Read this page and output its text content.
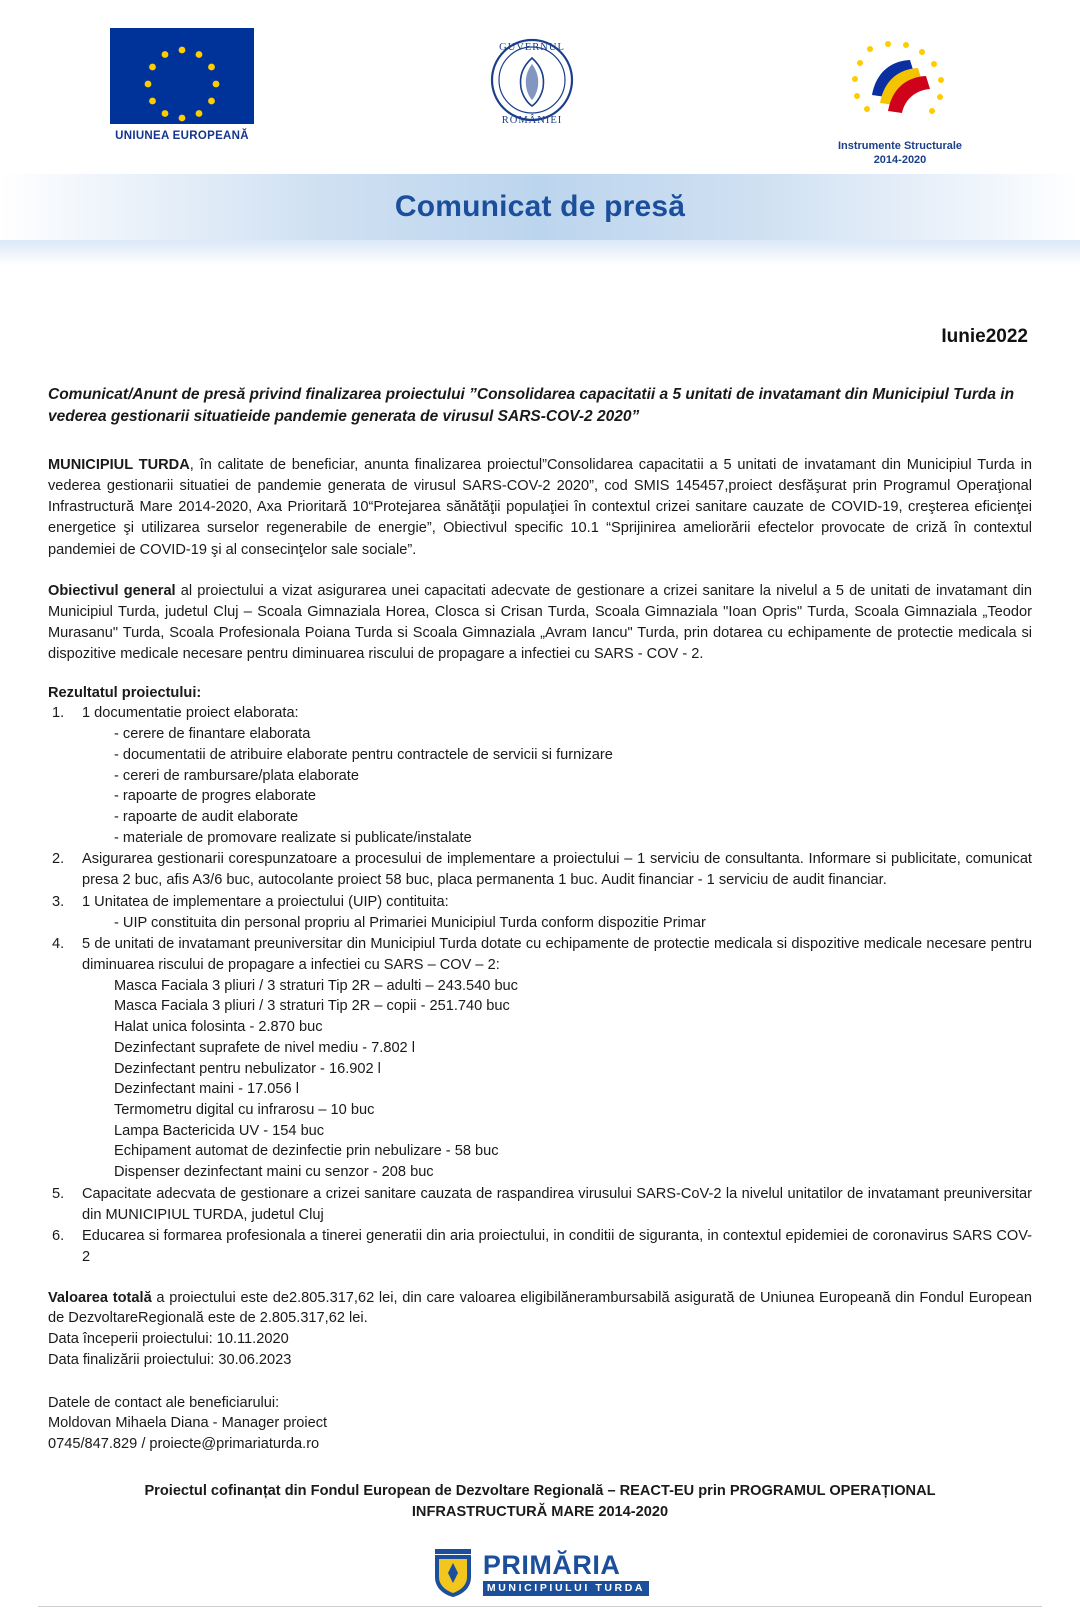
UNIUNEA EUROPEANĂ
GUVERNUL
ROMÂNIEI
Instrumente Structurale
2014-2020
Comunicat de presă
Iunie2022
Comunicat/Anunt de presă privind finalizarea proiectului ”Consolidarea capacitatii a 5 unitati de invatamant din Municipiul Turda in vederea gestionarii situatieide pandemie generata de virusul SARS-COV-2 2020”

MUNICIPIUL TURDA, în calitate de beneficiar, anunta finalizarea proiectul”Consolidarea capacitatii a 5 unitati de invatamant din Municipiul Turda in vederea gestionarii situatiei de pandemie generata de virusul SARS-COV-2 2020”, cod SMIS 145457,proiect desfăşurat prin Programul Operaţional Infrastructură Mare 2014-2020, Axa Prioritară 10“Protejarea sănătăţii populaţiei în contextul crizei sanitare cauzate de COVID-19, creşterea eficienţei energetice şi utilizarea surselor regenerabile de energie”, Obiectivul specific 10.1 “Sprijinirea ameliorării efectelor provocate de criză în contextul pandemiei de COVID-19 şi al consecinţelor sale sociale”.

Obiectivul general al proiectului a vizat asigurarea unei capacitati adecvate de gestionare a crizei sanitare la nivelul a 5 de unitati de invatamant din Municipiul Turda, judetul Cluj – Scoala Gimnaziala Horea, Closca si Crisan Turda, Scoala Gimnaziala "Ioan Opris" Turda, Scoala Gimnaziala „Teodor Murasanu" Turda, Scoala Profesionala Poiana Turda si Scoala Gimnaziala „Avram Iancu" Turda, prin dotarea cu echipamente de protectie medicala si dispozitive medicale necesare pentru diminuarea riscului de propagare a infectiei cu SARS - COV - 2.

Rezultatul proiectului:
1.	1 documentatie proiect elaborata:
- cerere de finantare elaborata
- documentatii de atribuire elaborate pentru contractele de servicii si furnizare
- cereri de rambursare/plata elaborate
- rapoarte de progres elaborate
- rapoarte de audit elaborate
- materiale de promovare realizate si publicate/instalate
2.	Asigurarea gestionarii corespunzatoare a procesului de implementare a proiectului – 1 serviciu de consultanta. Informare si publicitate, comunicat presa 2 buc, afis A3/6 buc, autocolante proiect 58 buc, placa permanenta 1 buc. Audit financiar - 1 serviciu de audit financiar.
3.	1 Unitatea de implementare a proiectului (UIP) contituita:
- UIP constituita din personal propriu al Primariei Municipiul Turda conform dispozitie Primar
4.	5 de unitati de invatamant preuniversitar din Municipiul Turda dotate cu echipamente de protectie medicala si dispozitive medicale necesare pentru diminuarea riscului de propagare a infectiei cu SARS – COV – 2:
Masca Faciala 3 pliuri / 3 straturi Tip 2R – adulti – 243.540 buc
Masca Faciala 3 pliuri / 3 straturi Tip 2R – copii - 251.740 buc
Halat unica folosinta - 2.870 buc
Dezinfectant suprafete de nivel mediu - 7.802 l
Dezinfectant pentru nebulizator - 16.902 l
Dezinfectant maini - 17.056 l
Termometru digital cu infrarosu – 10 buc
Lampa Bactericida UV - 154 buc
Echipament automat de dezinfectie prin nebulizare - 58 buc
Dispenser dezinfectant maini cu senzor - 208 buc
5.	Capacitate adecvata de gestionare a crizei sanitare cauzata de raspandirea virusului SARS-CoV-2 la nivelul unitatilor de invatamant preuniversitar din MUNICIPIUL TURDA, judetul Cluj
6.	Educarea si formarea profesionala a tinerei generatii din aria proiectului, in conditii de siguranta, in contextul epidemiei de coronavirus SARS COV-2
Valoarea totală a proiectului este de2.805.317,62 lei, din care valoarea eligibilănerambursabilă asigurată de Uniunea Europeană din Fondul European de DezvoltareRegională este de 2.805.317,62 lei.
Data începerii proiectului: 10.11.2020
Data finalizării proiectului: 30.06.2023
Datele de contact ale beneficiarului:
Moldovan Mihaela Diana - Manager proiect
0745/847.829 / proiecte@primariaturda.ro
Proiectul cofinanțat din Fondul European de Dezvoltare Regională – REACT-EU prin PROGRAMUL OPERAȚIONAL
INFRASTRUCTURĂ MARE 2014-2020
PRIMĂRIA
MUNICIPIULUI TURDA
